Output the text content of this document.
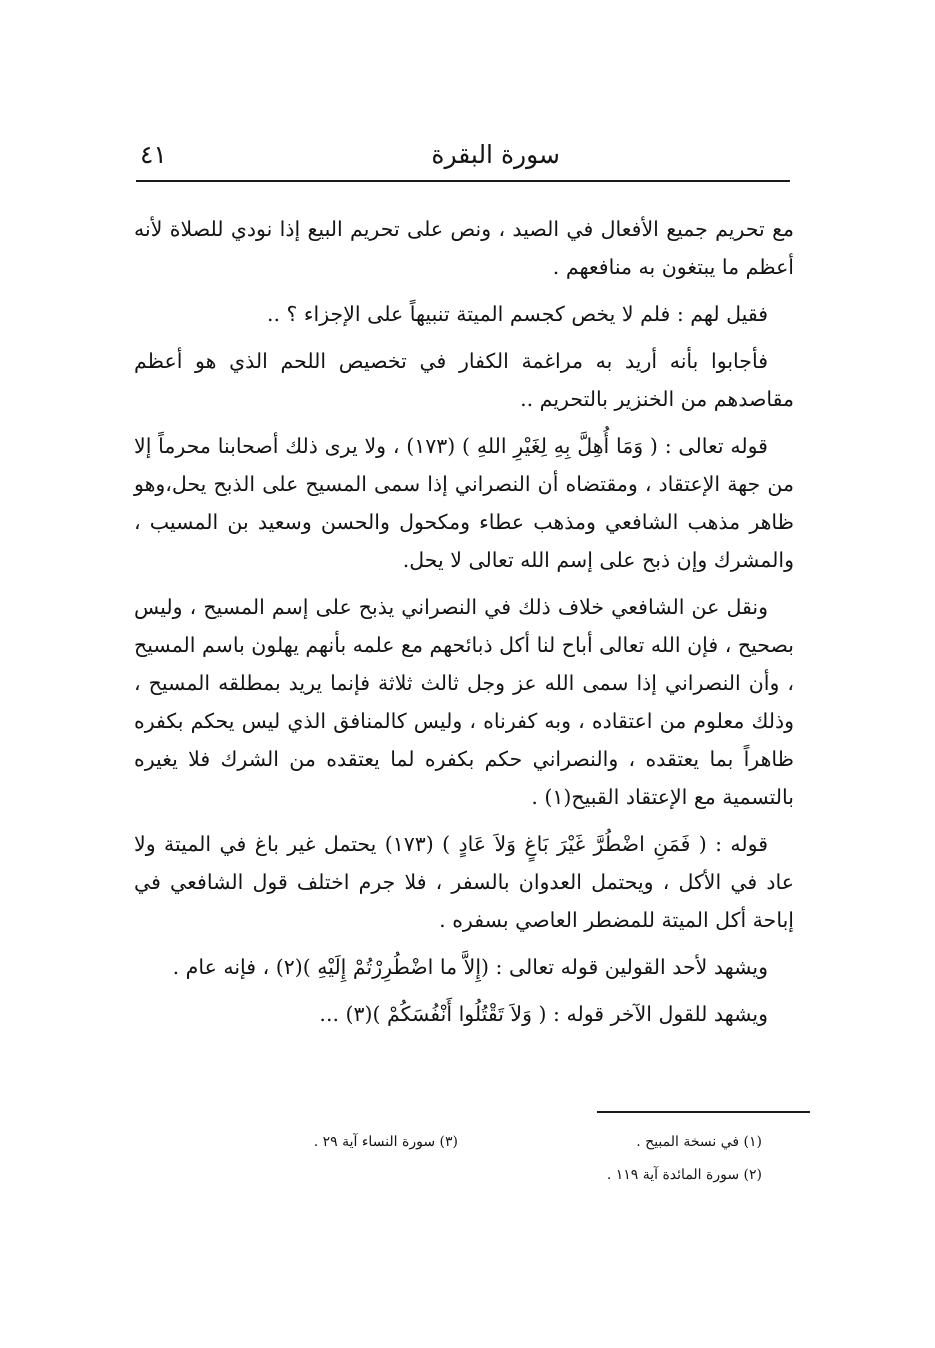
سورة البقرة
٤١

مع تحريم جميع الأفعال في الصيد ، ونص على تحريم البيع إذا نودي للصلاة لأنه أعظم ما يبتغون به منافعهم .

فقيل لهم : فلم لا يخص كجسم الميتة تنبيهاً على الإجزاء ؟ ..

فأجابوا بأنه أريد به مراغمة الكفار في تخصيص اللحم الذي هو أعظم مقاصدهم من الخنزير بالتحريم ..

قوله تعالى : ( وَمَا أُهِلَّ بِهِ لِغَيْرِ اللهِ ) (١٧٣) ، ولا يرى ذلك أصحابنا محرماً إلا من جهة الإعتقاد ، ومقتضاه أن النصراني إذا سمى المسيح على الذبح يحل،وهو ظاهر مذهب الشافعي ومذهب عطاء ومكحول والحسن وسعيد بن المسيب ، والمشرك وإن ذبح على إسم الله تعالى لا يحل.

ونقل عن الشافعي خلاف ذلك في النصراني يذبح على إسم المسيح ، وليس بصحيح ، فإن الله تعالى أباح لنا أكل ذبائحهم مع علمه بأنهم يهلون باسم المسيح ، وأن النصراني إذا سمى الله عز وجل ثالث ثلاثة فإنما يريد بمطلقه المسيح ، وذلك معلوم من اعتقاده ، وبه كفرناه ، وليس كالمنافق الذي ليس يحكم بكفره ظاهراً بما يعتقده ، والنصراني حكم بكفره لما يعتقده من الشرك فلا يغيره بالتسمية مع الإعتقاد القبيح(١) .

قوله : ( فَمَنِ اضْطُرَّ غَيْرَ بَاغٍ وَلاَ عَادٍ ) (١٧٣) يحتمل غير باغ في الميتة ولا عاد في الأكل ، ويحتمل العدوان بالسفر ، فلا جرم اختلف قول الشافعي في إباحة أكل الميتة للمضطر العاصي بسفره .

ويشهد لأحد القولين قوله تعالى : (إِلاَّ ما اضْطُرِرْتُمْ إِلَيْهِ )(٢) ، فإنه عام .

ويشهد للقول الآخر قوله : ( وَلاَ تَقْتُلُوا أَنْفُسَكُمْ )(٣) ...

(١) في نسخة المبيح .
(٢) سورة المائدة آية ١١٩ .
(٣) سورة النساء آية ٢٩ .
